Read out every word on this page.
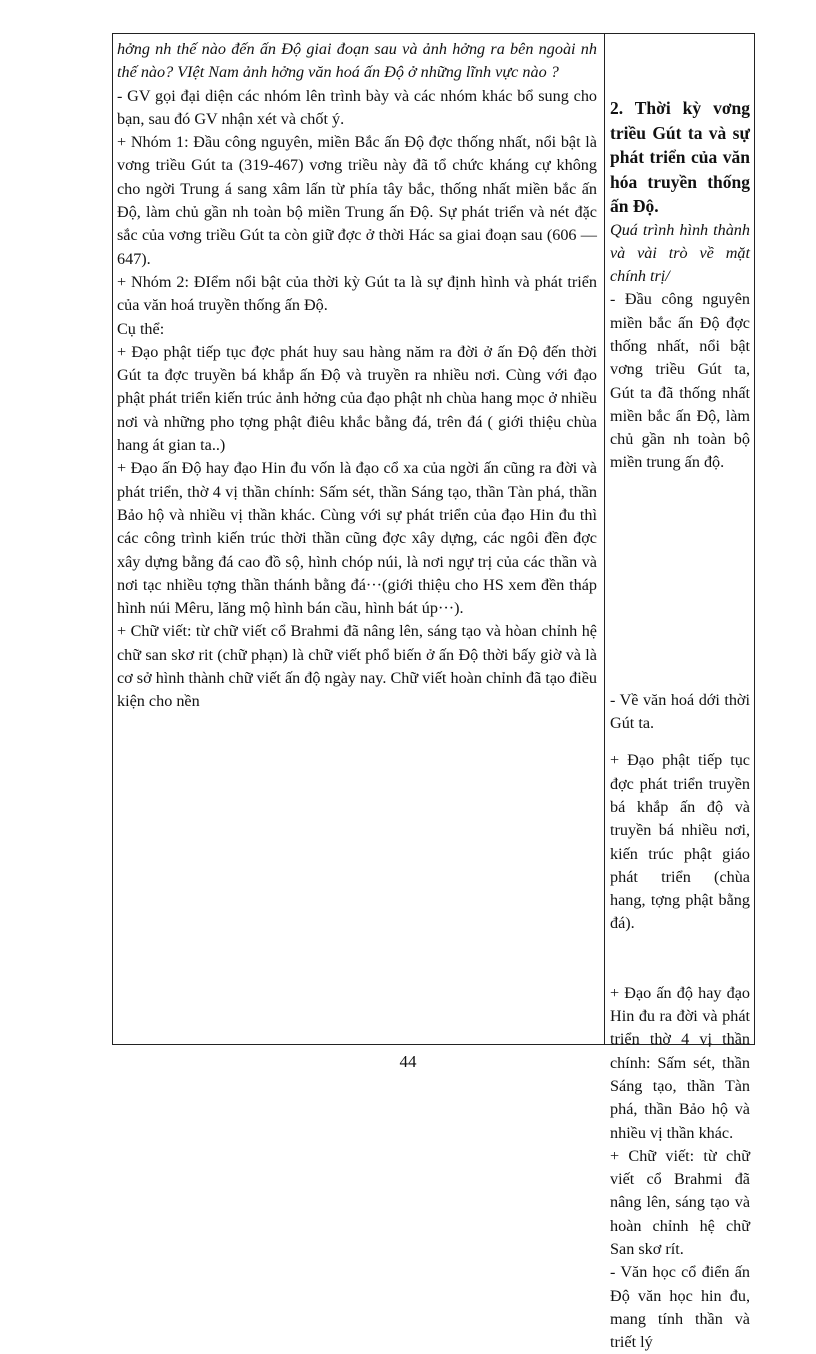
hởng nh thế nào đến ấn Độ giai đoạn sau và ảnh hởng ra bên ngoài nh thế nào? VIệt Nam ảnh hởng văn hoá ấn Độ ở những lĩnh vực nào ?

- GV gọi đại diện các nhóm lên trình bày và các nhóm khác bổ sung cho bạn, sau đó GV nhận xét và chốt ý.

+ Nhóm 1: Đầu công nguyên, miền Bắc ấn Độ đợc thống nhất, nổi bật là vơng triều Gút ta (319-467) vơng triều này đã tổ chức kháng cự không cho ngời Trung á sang xâm lấn từ phía tây bắc, thống nhất miền bắc ấn Độ, làm chủ gần nh toàn bộ miền Trung ấn Độ. Sự phát triển và nét đặc sắc của vơng triều Gút ta còn giữ đợc ở thời Hác sa giai đoạn sau (606 — 647).

+ Nhóm 2: ĐIểm nổi bật của thời kỳ Gút ta là sự định hình và phát triển của văn hoá truyền thống ấn Độ.

Cụ thể:

+ Đạo phật tiếp tục đợc phát huy sau hàng năm ra đời ở ấn Độ đến thời Gút ta đợc truyền bá khắp ấn Độ và truyền ra nhiều nơi. Cùng với đạo phật phát triển kiến trúc ảnh hởng của đạo phật nh chùa hang mọc ở nhiều nơi và những pho tợng phật điêu khắc bằng đá, trên đá ( giới thiệu chùa hang át gian ta..)

+ Đạo ấn Độ hay đạo Hin đu vốn là đạo cổ xa của ngời ấn cũng ra đời và phát triển, thờ 4 vị thần chính: Sấm sét, thần Sáng tạo, thần Tàn phá, thần Bảo hộ và nhiều vị thần khác. Cùng với sự phát triển của đạo Hin đu thì các công trình kiến trúc thời thần cũng đợc xây dựng, các ngôi đền đợc xây dựng bằng đá cao đồ sộ, hình chóp núi, là nơi ngự trị của các thần và nơi tạc nhiều tợng thần thánh bằng đá···(giới thiệu cho HS xem đền tháp hình núi Mêru, lăng mộ hình bán cầu, hình bát úp···).

+ Chữ viết: từ chữ viết cổ Brahmi đã nâng lên, sáng tạo và hòan chỉnh hệ chữ san skơ rit (chữ phạn) là chữ viết phổ biến ở ấn Độ thời bấy giờ và là cơ sở hình thành chữ viết ấn độ ngày nay. Chữ viết hoàn chỉnh đã tạo điều kiện cho nền

2. Thời kỳ vơng triều Gút ta và sự phát triển của văn hóa truyền thống ấn Độ.

Quá trình hình thành và vài trò về mặt chính trị/

- Đầu công nguyên miền bắc ấn Độ đợc thống nhất, nổi bật vơng triều Gút ta, Gút ta đã thống nhất miền bắc ấn Độ, làm chủ gần nh toàn bộ miền trung ấn độ.

- Về văn hoá dới thời Gút ta.

+ Đạo phật tiếp tục đợc phát triển truyền bá khắp ấn độ và truyền bá nhiều nơi, kiến trúc phật giáo phát triển (chùa hang, tợng phật bằng đá).

+ Đạo ấn độ hay đạo Hin đu ra đời và phát triển thờ 4 vị thần chính: Sấm sét, thần Sáng tạo, thần Tàn phá, thần Bảo hộ và nhiều vị thần khác.

+ Chữ viết: từ chữ viết cổ Brahmi đã nâng lên, sáng tạo và hoàn chỉnh hệ chữ San skơ rít.

- Văn học cổ điển ấn Độ văn học hin đu, mang tính thần và triết lý

44
